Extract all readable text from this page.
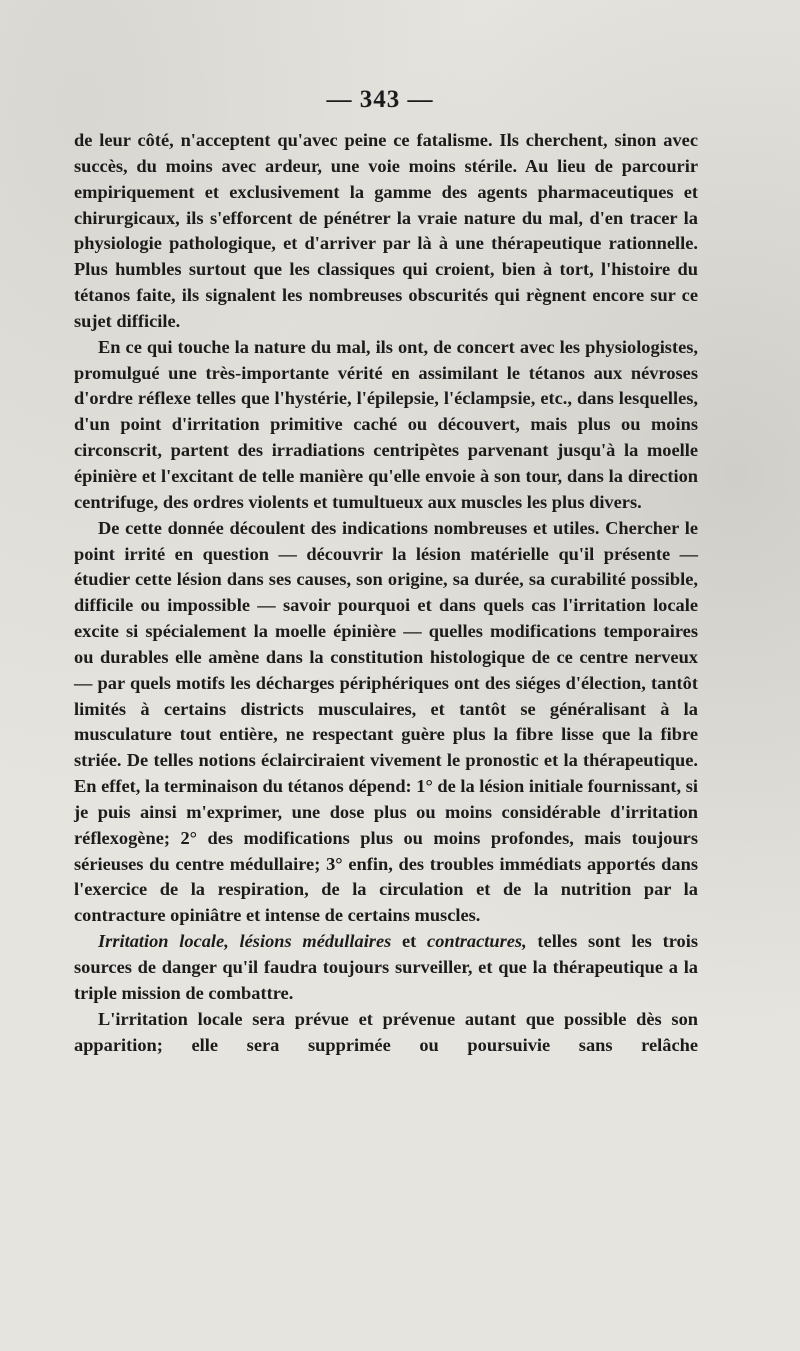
— 343 —

de leur côté, n'acceptent qu'avec peine ce fatalisme. Ils cherchent, sinon avec succès, du moins avec ardeur, une voie moins stérile. Au lieu de parcourir empiriquement et exclusivement la gamme des agents pharmaceutiques et chirurgicaux, ils s'efforcent de pénétrer la vraie nature du mal, d'en tracer la physiologie pathologique, et d'arriver par là à une thérapeutique rationnelle. Plus humbles surtout que les classiques qui croient, bien à tort, l'histoire du tétanos faite, ils signalent les nombreuses obscurités qui règnent encore sur ce sujet difficile.

En ce qui touche la nature du mal, ils ont, de concert avec les physiologistes, promulgué une très-importante vérité en assimilant le tétanos aux névroses d'ordre réflexe telles que l'hystérie, l'épilepsie, l'éclampsie, etc., dans lesquelles, d'un point d'irritation primitive caché ou découvert, mais plus ou moins circonscrit, partent des irradiations centripètes parvenant jusqu'à la moelle épinière et l'excitant de telle manière qu'elle envoie à son tour, dans la direction centrifuge, des ordres violents et tumultueux aux muscles les plus divers.

De cette donnée découlent des indications nombreuses et utiles. Chercher le point irrité en question — découvrir la lésion matérielle qu'il présente — étudier cette lésion dans ses causes, son origine, sa durée, sa curabilité possible, difficile ou impossible — savoir pourquoi et dans quels cas l'irritation locale excite si spécialement la moelle épinière — quelles modifications temporaires ou durables elle amène dans la constitution histologique de ce centre nerveux — par quels motifs les décharges périphériques ont des siéges d'élection, tantôt limités à certains districts musculaires, et tantôt se généralisant à la musculature tout entière, ne respectant guère plus la fibre lisse que la fibre striée. De telles notions éclairciraient vivement le pronostic et la thérapeutique. En effet, la terminaison du tétanos dépend: 1° de la lésion initiale fournissant, si je puis ainsi m'exprimer, une dose plus ou moins considérable d'irritation réflexogène; 2° des modifications plus ou moins profondes, mais toujours sérieuses du centre médullaire; 3° enfin, des troubles immédiats apportés dans l'exercice de la respiration, de la circulation et de la nutrition par la contracture opiniâtre et intense de certains muscles.

Irritation locale, lésions médullaires et contractures, telles sont les trois sources de danger qu'il faudra toujours surveiller, et que la thérapeutique a la triple mission de combattre.

L'irritation locale sera prévue et prévenue autant que possible dès son apparition; elle sera supprimée ou poursuivie sans relâche
